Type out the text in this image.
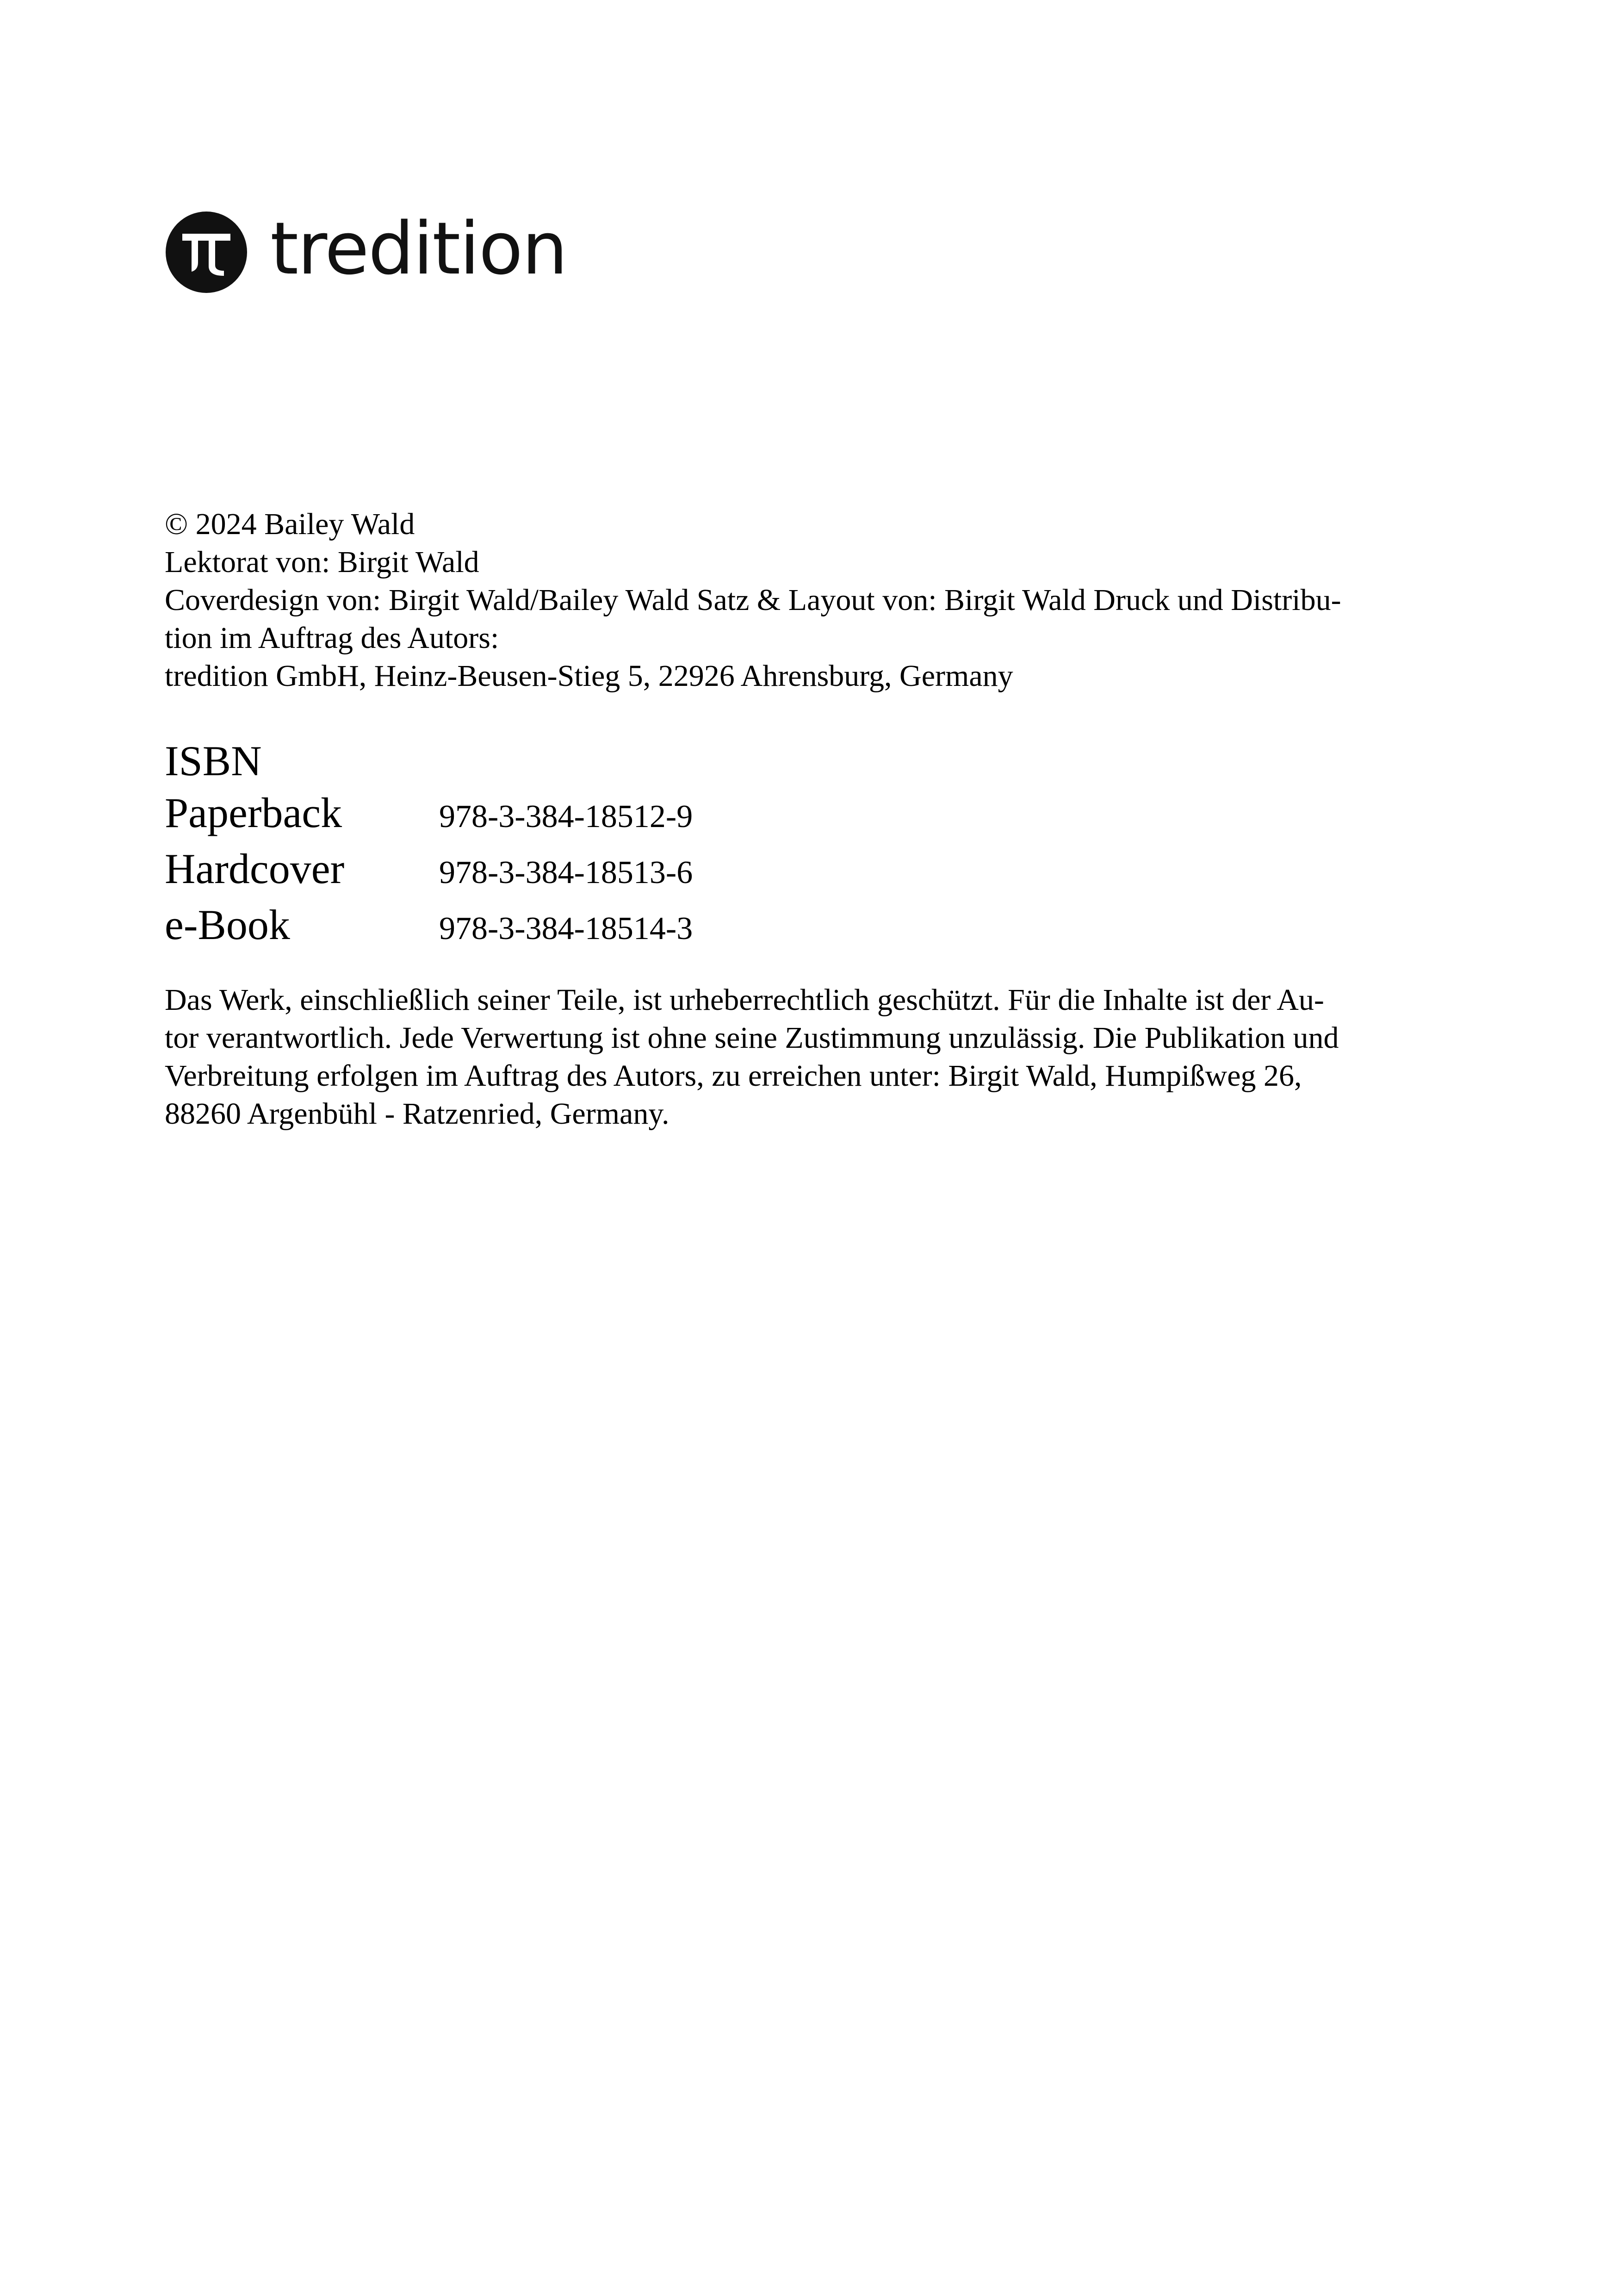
tredition
© 2024 Bailey Wald
Lektorat von: Birgit Wald
Coverdesign von: Birgit Wald/Bailey Wald Satz & Layout von: Birgit Wald Druck und Distribu-
tion im Auftrag des Autors:
tredition GmbH, Heinz-Beusen-Stieg 5, 22926 Ahrensburg, Germany
ISBN
Paperback	978-3-384-18512-9
Hardcover	978-3-384-18513-6
e-Book	978-3-384-18514-3
Das Werk, einschließlich seiner Teile, ist urheberrechtlich geschützt. Für die Inhalte ist der Au-
tor verantwortlich. Jede Verwertung ist ohne seine Zustimmung unzulässig. Die Publikation und
Verbreitung erfolgen im Auftrag des Autors, zu erreichen unter: Birgit Wald, Humpißweg 26,
88260 Argenbühl - Ratzenried, Germany.
